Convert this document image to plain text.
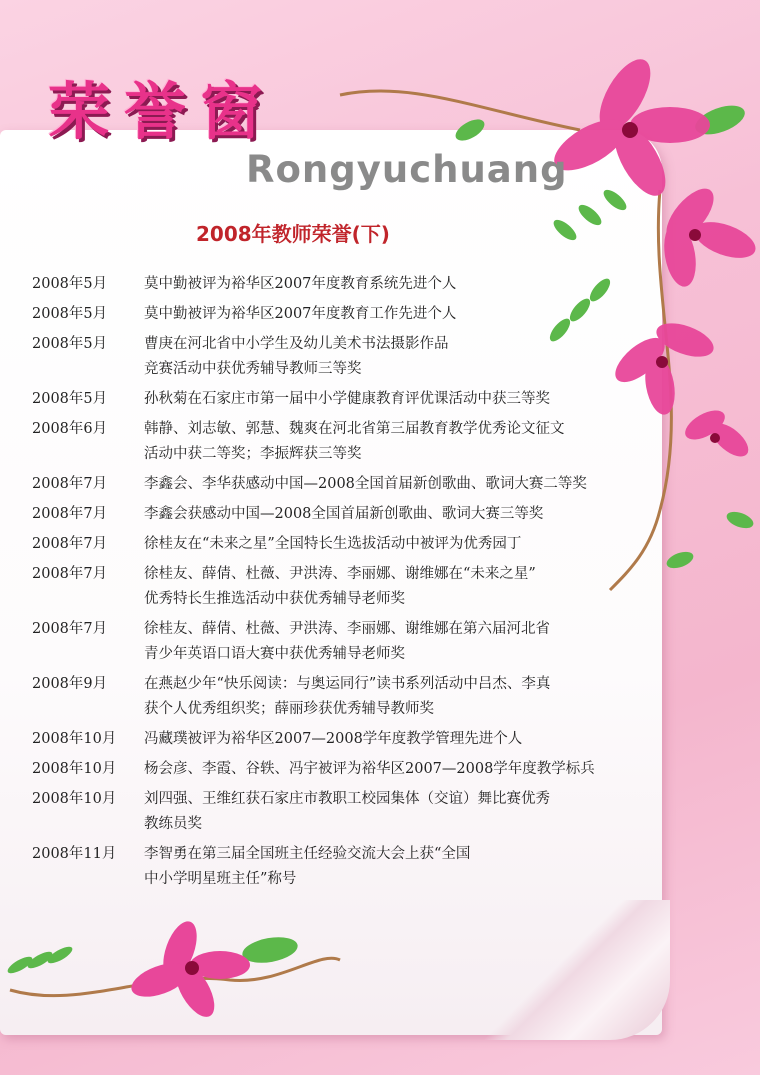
荣誉窗
Rongyuchuang
2008年教师荣誉(下)
2008年5月	莫中勤被评为裕华区2007年度教育系统先进个人
2008年5月	莫中勤被评为裕华区2007年度教育工作先进个人
2008年5月	曹庚在河北省中小学生及幼儿美术书法摄影作品
竞赛活动中获优秀辅导教师三等奖
2008年5月	孙秋菊在石家庄市第一届中小学健康教育评优课活动中获三等奖
2008年6月	韩静、刘志敏、郭慧、魏爽在河北省第三届教育教学优秀论文征文
活动中获二等奖；李振辉获三等奖
2008年7月	李鑫会、李华获感动中国—2008全国首届新创歌曲、歌词大赛二等奖
2008年7月	李鑫会获感动中国—2008全国首届新创歌曲、歌词大赛三等奖
2008年7月	徐桂友在“未来之星”全国特长生选拔活动中被评为优秀园丁
2008年7月	徐桂友、薛倩、杜薇、尹洪涛、李丽娜、谢维娜在“未来之星”
优秀特长生推选活动中获优秀辅导老师奖
2008年7月	徐桂友、薛倩、杜薇、尹洪涛、李丽娜、谢维娜在第六届河北省
青少年英语口语大赛中获优秀辅导老师奖
2008年9月	在燕赵少年“快乐阅读：与奥运同行”读书系列活动中吕杰、李真
获个人优秀组织奖；薛丽珍获优秀辅导教师奖
2008年10月	冯藏璞被评为裕华区2007—2008学年度教学管理先进个人
2008年10月	杨会彦、李霞、谷轶、冯宇被评为裕华区2007—2008学年度教学标兵
2008年10月	刘四强、王维红获石家庄市教职工校园集体（交谊）舞比赛优秀
教练员奖
2008年11月	李智勇在第三届全国班主任经验交流大会上获“全国
中小学明星班主任”称号
